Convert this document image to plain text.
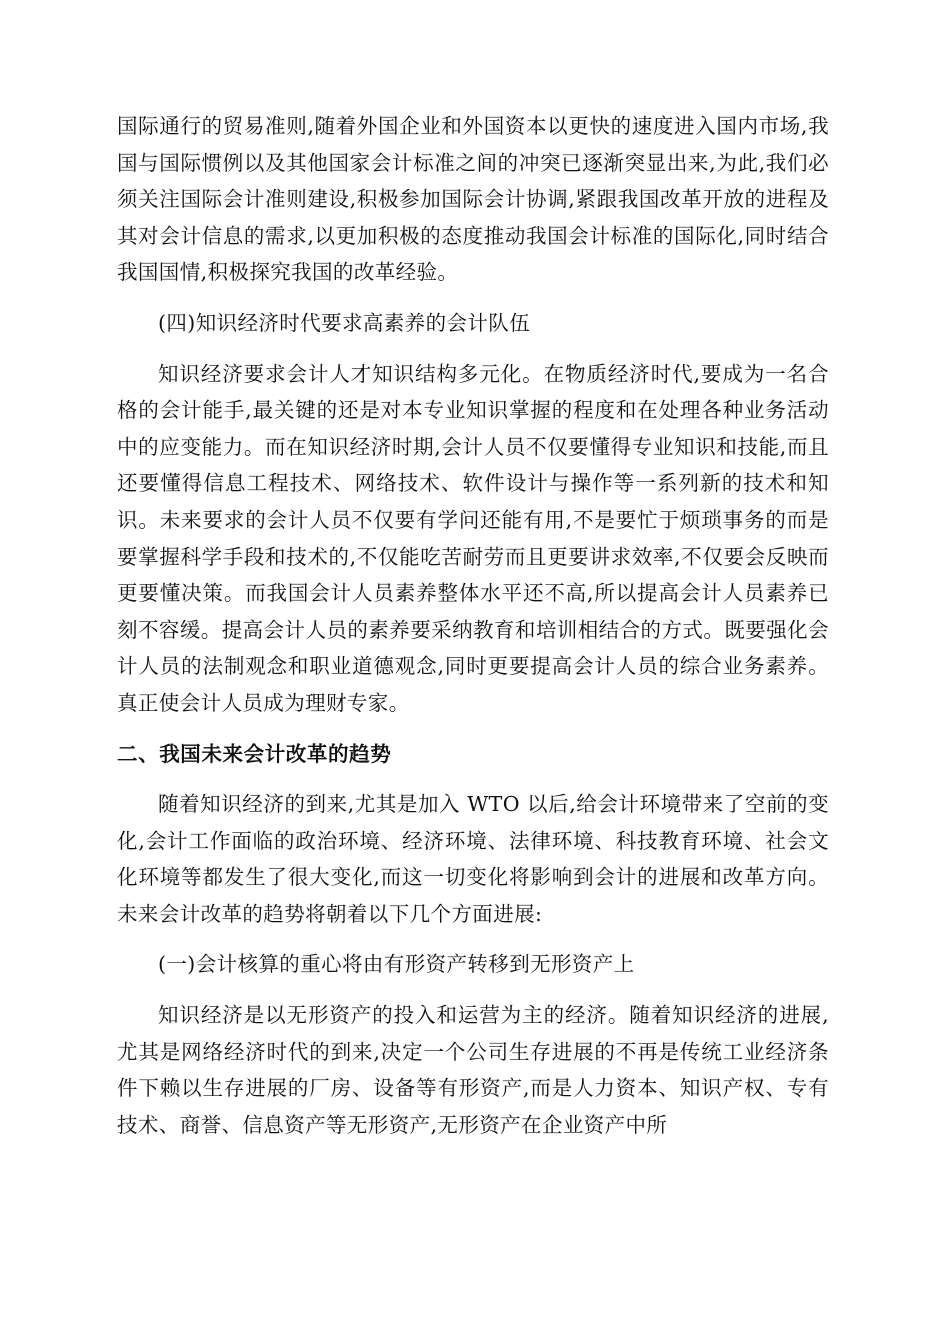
国际通行的贸易准则,随着外国企业和外国资本以更快的速度进入国内市场,我国与国际惯例以及其他国家会计标准之间的冲突已逐渐突显出来,为此,我们必须关注国际会计准则建设,积极参加国际会计协调,紧跟我国改革开放的进程及其对会计信息的需求,以更加积极的态度推动我国会计标准的国际化,同时结合我国国情,积极探究我国的改革经验。

(四)知识经济时代要求高素养的会计队伍

知识经济要求会计人才知识结构多元化。在物质经济时代,要成为一名合格的会计能手,最关键的还是对本专业知识掌握的程度和在处理各种业务活动中的应变能力。而在知识经济时期,会计人员不仅要懂得专业知识和技能,而且还要懂得信息工程技术、网络技术、软件设计与操作等一系列新的技术和知识。未来要求的会计人员不仅要有学问还能有用,不是要忙于烦琐事务的而是要掌握科学手段和技术的,不仅能吃苦耐劳而且更要讲求效率,不仅要会反映而更要懂决策。而我国会计人员素养整体水平还不高,所以提高会计人员素养已刻不容缓。提高会计人员的素养要采纳教育和培训相结合的方式。既要强化会计人员的法制观念和职业道德观念,同时更要提高会计人员的综合业务素养。真正使会计人员成为理财专家。

二、我国未来会计改革的趋势

随着知识经济的到来,尤其是加入 WTO 以后,给会计环境带来了空前的变化,会计工作面临的政治环境、经济环境、法律环境、科技教育环境、社会文化环境等都发生了很大变化,而这一切变化将影响到会计的进展和改革方向。未来会计改革的趋势将朝着以下几个方面进展:

(一)会计核算的重心将由有形资产转移到无形资产上

知识经济是以无形资产的投入和运营为主的经济。随着知识经济的进展,尤其是网络经济时代的到来,决定一个公司生存进展的不再是传统工业经济条件下赖以生存进展的厂房、设备等有形资产,而是人力资本、知识产权、专有技术、商誉、信息资产等无形资产,无形资产在企业资产中所
